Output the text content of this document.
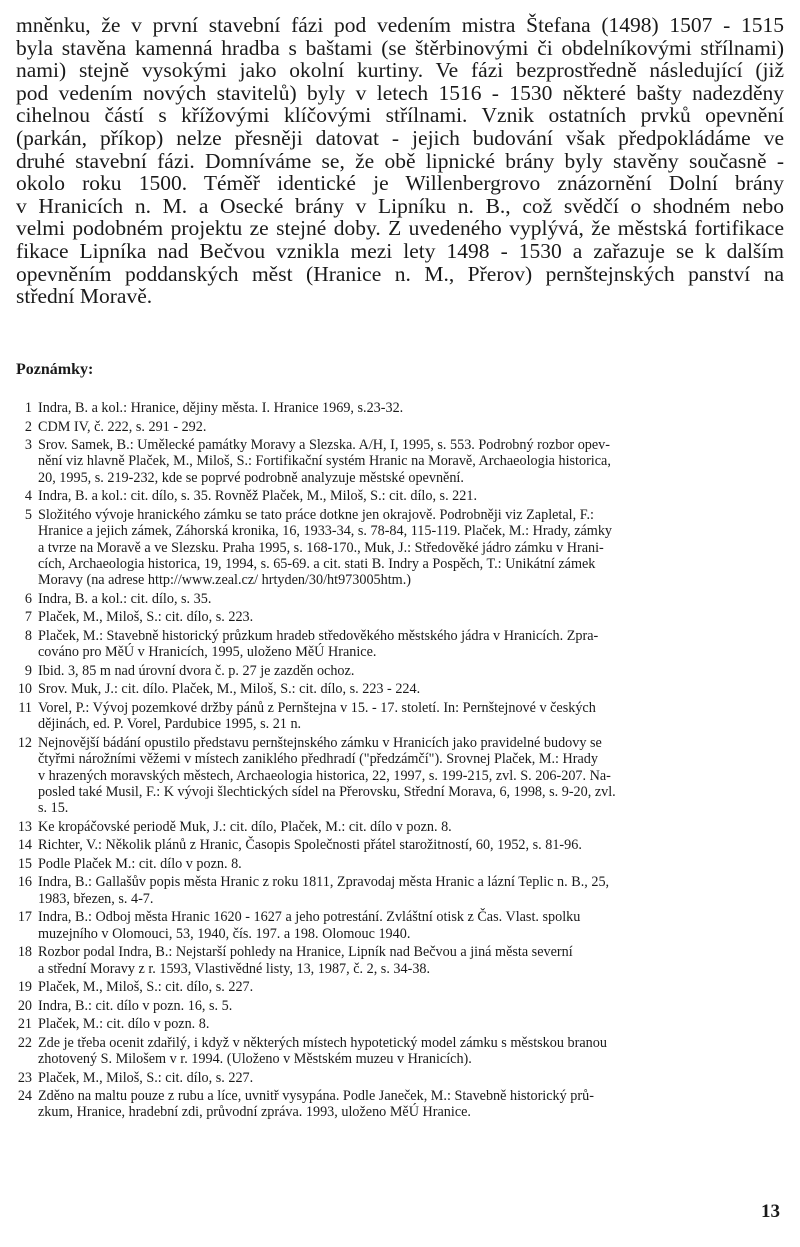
mněnku, že v první stavební fázi pod vedením mistra Štefana (1498) 1507 - 1515
byla stavěna kamenná hradba s baštami (se štěrbinovými či obdelníkovými střílnami)
nami) stejně vysokými jako okolní kurtiny. Ve fázi bezprostředně následující (již
pod vedením nových stavitelů) byly v letech 1516 - 1530 některé bašty nadezděny
cihelnou částí s křížovými klíčovými střílnami. Vznik ostatních prvků opevnění
(parkán, příkop) nelze přesněji datovat - jejich budování však předpokládáme ve
druhé stavební fázi. Domníváme se, že obě lipnické brány byly stavěny současně -
okolo roku 1500. Téměř identické je Willenbergrovo znázornění Dolní brány
v Hranicích n. M. a Osecké brány v Lipníku n. B., což svědčí o shodném nebo
velmi podobném projektu ze stejné doby. Z uvedeného vyplývá, že městská fortifikace
fikace Lipníka nad Bečvou vznikla mezi lety 1498 - 1530 a zařazuje se k dalším
opevněním poddanských měst (Hranice n. M., Přerov) pernštejnských panství na
střední Moravě.
Poznámky:
1 Indra, B. a kol.: Hranice, dějiny města. I. Hranice 1969, s.23-32.
2 CDM IV, č. 222, s. 291 - 292.
3 Srov. Samek, B.: Umělecké památky Moravy a Slezska. A/H, I, 1995, s. 553. Podrobný rozbor opev-
nění viz hlavně Plaček, M., Miloš, S.: Fortifikační systém Hranic na Moravě, Archaeologia historica,
20, 1995, s. 219-232, kde se poprvé podrobně analyzuje městské opevnění.
4 Indra, B. a kol.: cit. dílo, s. 35. Rovněž Plaček, M., Miloš, S.: cit. dílo, s. 221.
5 Složitého vývoje hranického zámku se tato práce dotkne jen okrajově. Podrobněji viz Zapletal, F.:
Hranice a jejich zámek, Záhorská kronika, 16, 1933-34, s. 78-84, 115-119. Plaček, M.: Hrady, zámky
a tvrze na Moravě a ve Slezsku. Praha 1995, s. 168-170., Muk, J.: Středověké jádro zámku v Hrani-
cích, Archaeologia historica, 19, 1994, s. 65-69. a cit. stati B. Indry a Pospěch, T.: Unikátní zámek
Moravy (na adrese http://www.zeal.cz/ hrtyden/30/ht973005htm.)
6 Indra, B. a kol.: cit. dílo, s. 35.
7 Plaček, M., Miloš, S.: cit. dílo, s. 223.
8 Plaček, M.: Stavebně historický průzkum hradeb středověkého městského jádra v Hranicích. Zpra-
cováno pro MěÚ v Hranicích, 1995, uloženo MěÚ Hranice.
9 Ibid. 3, 85 m nad úrovní dvora č. p. 27 je zazděn ochoz.
10 Srov. Muk, J.: cit. dílo. Plaček, M., Miloš, S.: cit. dílo, s. 223 - 224.
11 Vorel, P.: Vývoj pozemkové držby pánů z Pernštejna v 15. - 17. století. In: Pernštejnové v českých
dějinách, ed. P. Vorel, Pardubice 1995, s. 21 n.
12 Nejnovější bádání opustilo představu pernštejnského zámku v Hranicích jako pravidelné budovy se
čtyřmi nárožními věžemi v místech zaniklého předhradí ("předzámčí"). Srovnej Plaček, M.: Hrady
v hrazených moravských městech, Archaeologia historica, 22, 1997, s. 199-215, zvl. S. 206-207. Na-
posled také Musil, F.: K vývoji šlechtických sídel na Přerovsku, Střední Morava, 6, 1998, s. 9-20, zvl.
s. 15.
13 Ke kropáčovské periodě Muk, J.: cit. dílo, Plaček, M.: cit. dílo v pozn. 8.
14 Richter, V.: Několik plánů z Hranic, Časopis Společnosti přátel starožitností, 60, 1952, s. 81-96.
15 Podle Plaček M.: cit. dílo v pozn. 8.
16 Indra, B.: Gallašův popis města Hranic z roku 1811, Zpravodaj města Hranic a lázní Teplic n. B., 25,
1983, březen, s. 4-7.
17 Indra, B.: Odboj města Hranic 1620 - 1627 a jeho potrestání. Zvláštní otisk z Čas. Vlast. spolku
muzejního v Olomouci, 53, 1940, čís. 197. a 198. Olomouc 1940.
18 Rozbor podal Indra, B.: Nejstarší pohledy na Hranice, Lipník nad Bečvou a jiná města severní
a střední Moravy z r. 1593, Vlastivědné listy, 13, 1987, č. 2, s. 34-38.
19 Plaček, M., Miloš, S.: cit. dílo, s. 227.
20 Indra, B.: cit. dílo v pozn. 16, s. 5.
21 Plaček, M.: cit. dílo v pozn. 8.
22 Zde je třeba ocenit zdařilý, i když v některých místech hypotetický model zámku s městskou branou
zhotovený S. Milošem v r. 1994. (Uloženo v Městském muzeu v Hranicích).
23 Plaček, M., Miloš, S.: cit. dílo, s. 227.
24 Zděno na maltu pouze z rubu a líce, uvnitř vysypána. Podle Janeček, M.: Stavebně historický prů-
zkum, Hranice, hradební zdi, průvodní zpráva. 1993, uloženo MěÚ Hranice.
13
